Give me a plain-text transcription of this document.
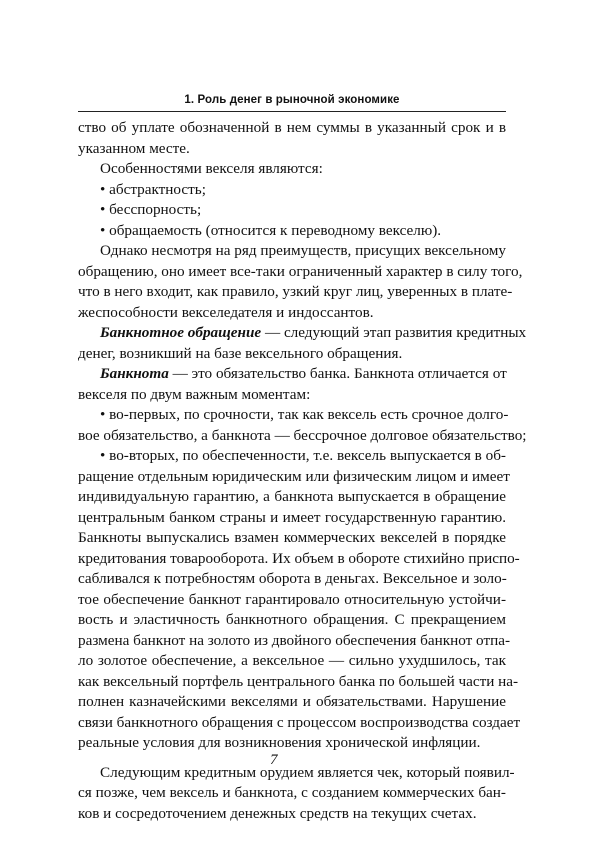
1. Роль денег в рыночной экономике
ство об уплате обозначенной в нем суммы в указанный срок и в
указанном месте.
Особенностями векселя являются:
• абстрактность;
• бесспорность;
• обращаемость (относится к переводному векселю).
Однако несмотря на ряд преимуществ, присущих вексельному
обращению, оно имеет все-таки ограниченный характер в силу того,
что в него входит, как правило, узкий круг лиц, уверенных в плате-
жеспособности векселедателя и индоссантов.
Банкнотное обращение — следующий этап развития кредитных
денег, возникший на базе вексельного обращения.
Банкнота — это обязательство банка. Банкнота отличается от
векселя по двум важным моментам:
• во-первых, по срочности, так как вексель есть срочное долго-
вое обязательство, а банкнота — бессрочное долговое обязательство;
• во-вторых, по обеспеченности, т.е. вексель выпускается в об-
ращение отдельным юридическим или физическим лицом и имеет
индивидуальную гарантию, а банкнота выпускается в обращение
центральным банком страны и имеет государственную гарантию.
Банкноты выпускались взамен коммерческих векселей в порядке
кредитования товарооборота. Их объем в обороте стихийно приспо-
сабливался к потребностям оборота в деньгах. Вексельное и золо-
тое обеспечение банкнот гарантировало относительную устойчи-
вость и эластичность банкнотного обращения. С прекращением
размена банкнот на золото из двойного обеспечения банкнот отпа-
ло золотое обеспечение, а вексельное — сильно ухудшилось, так
как вексельный портфель центрального банка по большей части на-
полнен казначейскими векселями и обязательствами. Нарушение
связи банкнотного обращения с процессом воспроизводства создает
реальные условия для возникновения хронической инфляции.
Следующим кредитным орудием является чек, который появил-
ся позже, чем вексель и банкнота, с созданием коммерческих бан-
ков и сосредоточением денежных средств на текущих счетах.
7
